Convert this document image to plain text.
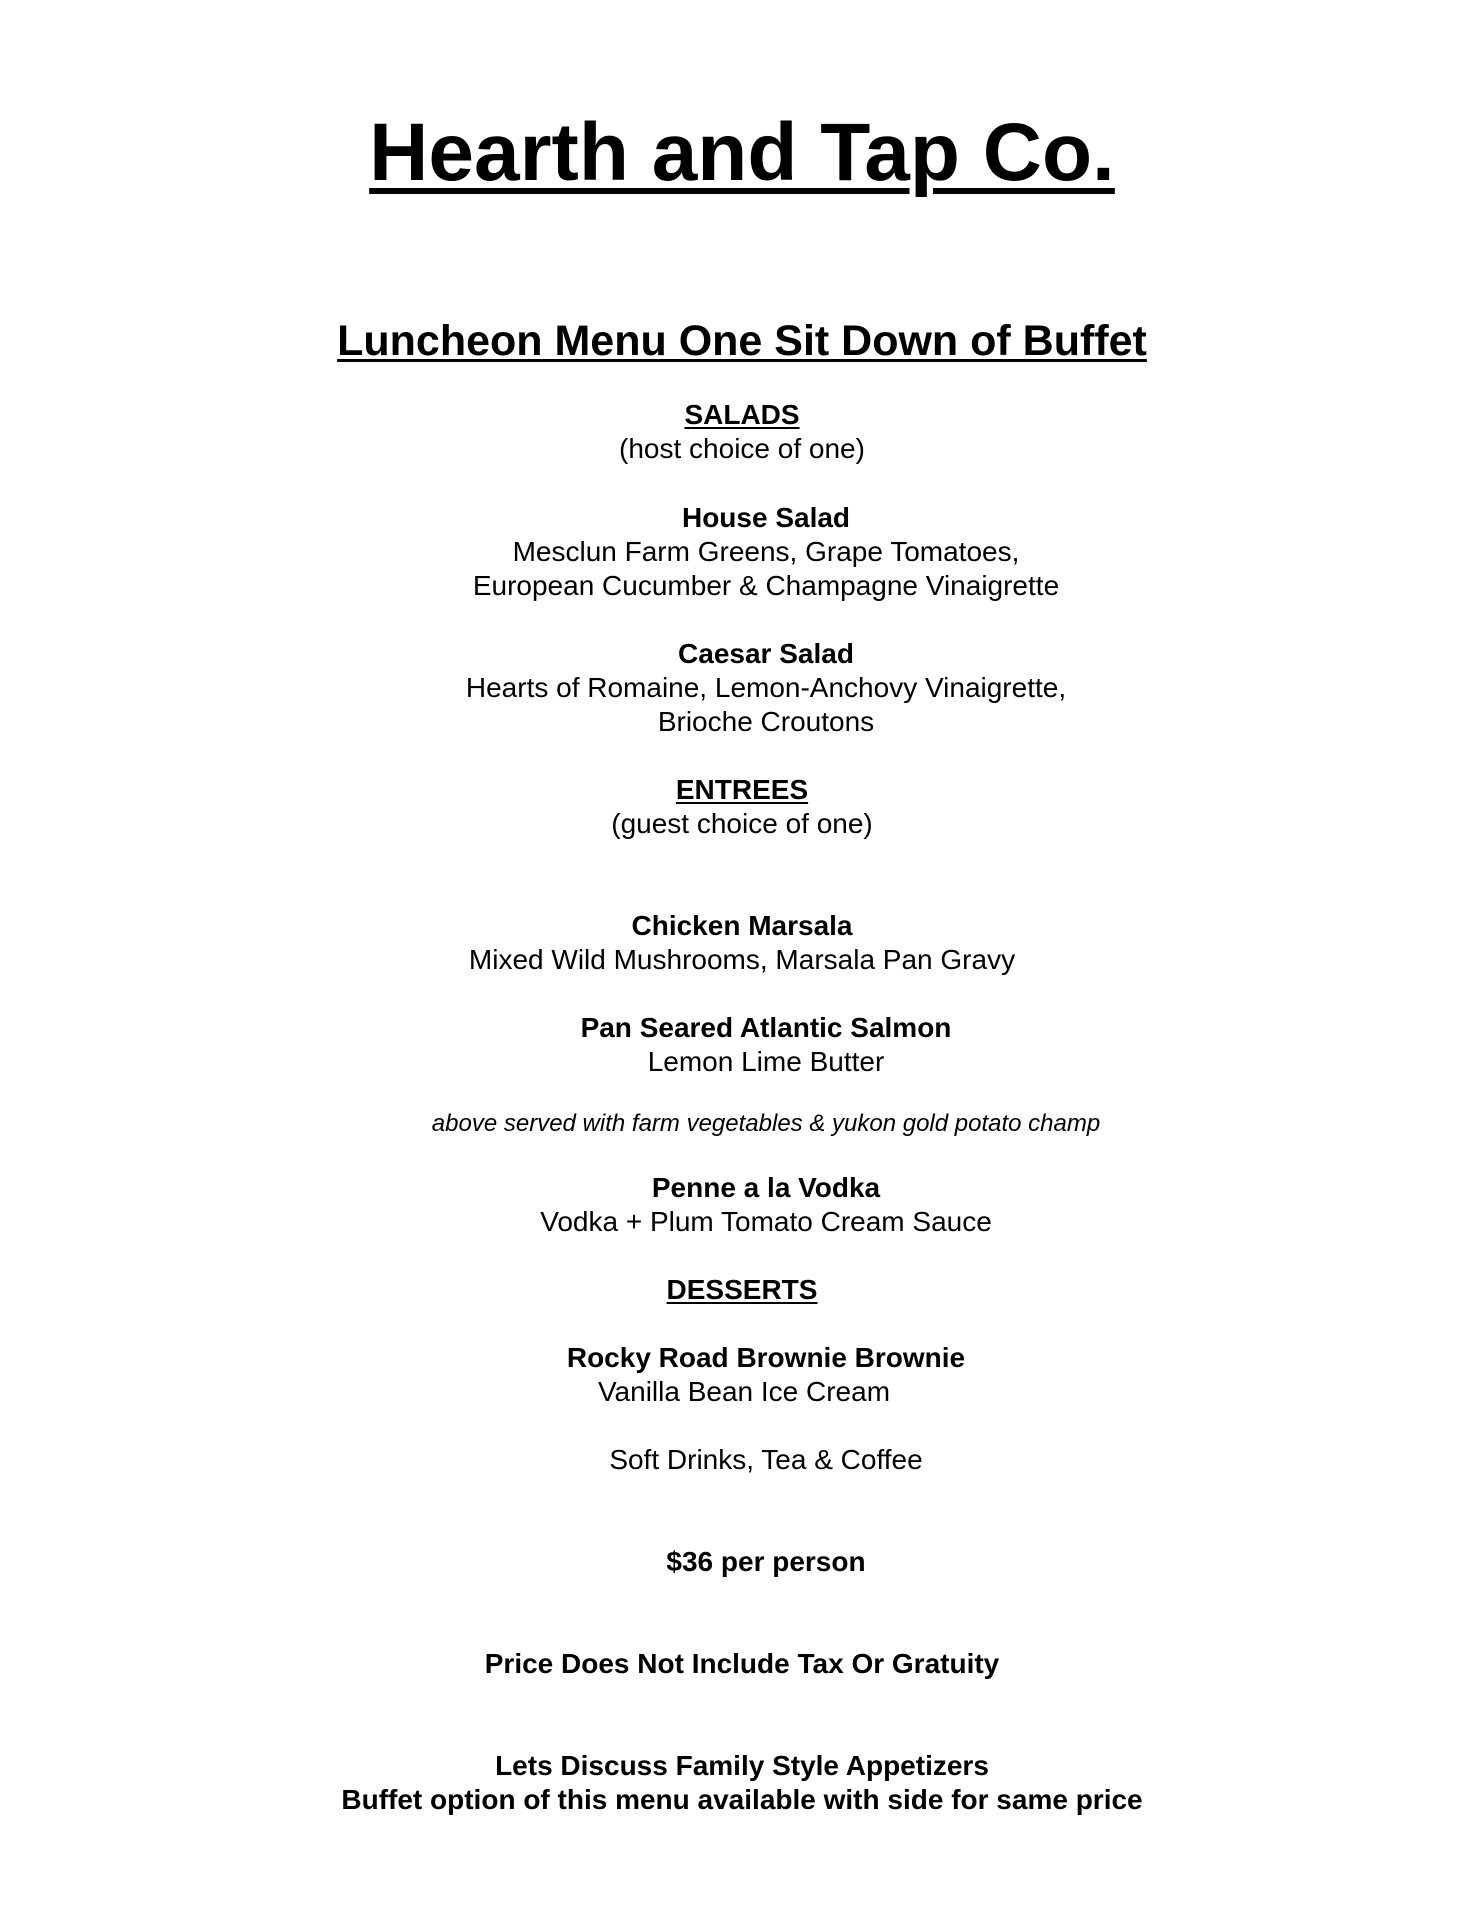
Hearth and Tap Co.
Luncheon Menu One Sit Down of Buffet
SALADS
(host choice of one)
House Salad
Mesclun Farm Greens, Grape Tomatoes,
European Cucumber & Champagne Vinaigrette
Caesar Salad
Hearts of Romaine, Lemon-Anchovy Vinaigrette,
Brioche Croutons
ENTREES
(guest choice of one)
Chicken Marsala
Mixed Wild Mushrooms, Marsala Pan Gravy
Pan Seared Atlantic Salmon
Lemon Lime Butter
above served with farm vegetables & yukon gold potato champ
Penne a la Vodka
Vodka + Plum Tomato Cream Sauce
DESSERTS
Rocky Road Brownie Brownie
Vanilla Bean Ice Cream
Soft Drinks, Tea & Coffee
$36 per person
Price Does Not Include Tax Or Gratuity
Lets Discuss Family Style Appetizers
Buffet option of this menu available with side for same price
